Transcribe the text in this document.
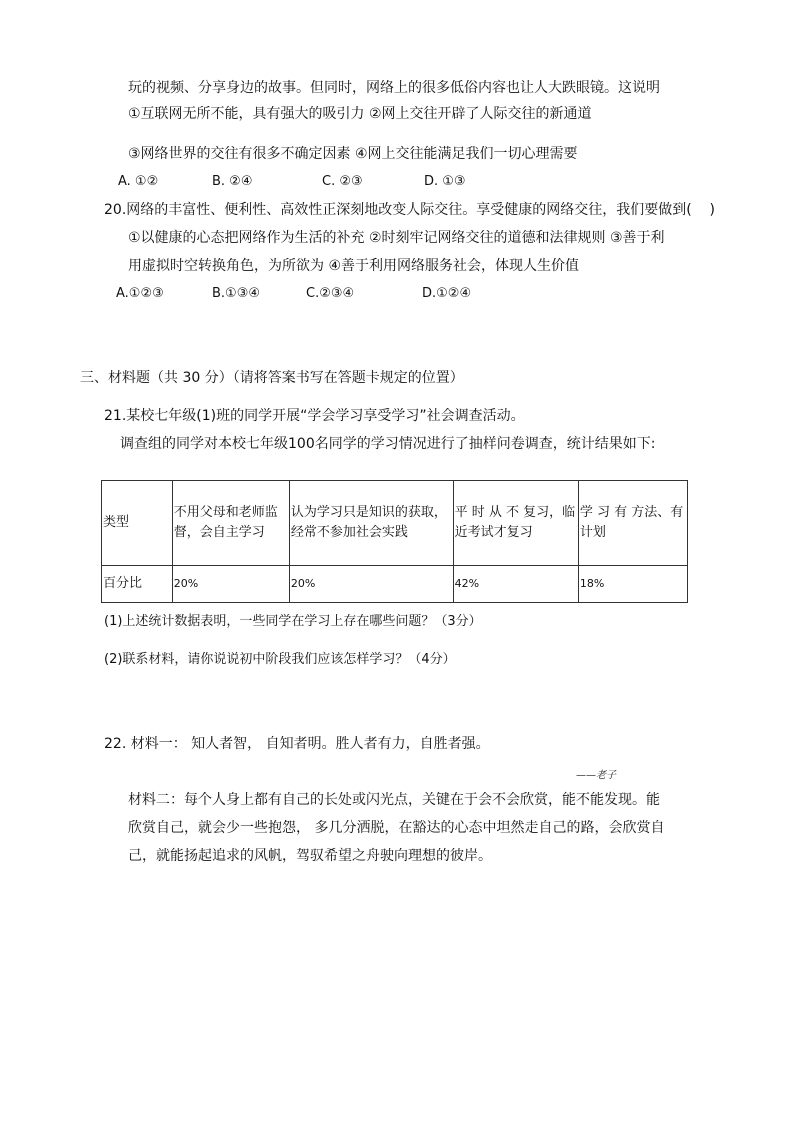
玩的视频、分享身边的故事。但同时，网络上的很多低俗内容也让人大跌眼镜。这说明
①互联网无所不能，具有强大的吸引力 ②网上交往开辟了人际交往的新通道
③网络世界的交往有很多不确定因素 ④网上交往能满足我们一切心理需要
A. ①②	B. ②④	C. ②③	D. ①③
20.网络的丰富性、便利性、高效性正深刻地改变人际交往。享受健康的网络交往，我们要做到(    )
①以健康的心态把网络作为生活的补充 ②时刻牢记网络交往的道德和法律规则 ③善于利
用虚拟时空转换角色，为所欲为 ④善于利用网络服务社会，体现人生价值
A.①②③	B.①③④	C.②③④	D.①②④
三、材料题（共 30 分）（请将答案书写在答题卡规定的位置）
21.某校七年级(1)班的同学开展“学会学习享受学习”社会调查活动。
调查组的同学对本校七年级100名同学的学习情况进行了抽样问卷调查，统计结果如下:
类型	不用父母和老师监督，会自主学习	认为学习只是知识的获取，经常不参加社会实践	平 时 从 不 复习，临近考试才复习	学 习 有 方法、有计划
百分比	20%	20%	42%	18%
(1)上述统计数据表明，一些同学在学习上存在哪些问题？（3分）
(2)联系材料，请你说说初中阶段我们应该怎样学习？（4分）
22. 材料一： 知人者智， 自知者明。胜人者有力，自胜者强。
——老子
材料二：每个人身上都有自己的长处或闪光点，关键在于会不会欣赏，能不能发现。能
欣赏自己，就会少一些抱怨， 多几分洒脱，在豁达的心态中坦然走自己的路，会欣赏自
己，就能扬起追求的风帆，驾驭希望之舟驶向理想的彼岸。
